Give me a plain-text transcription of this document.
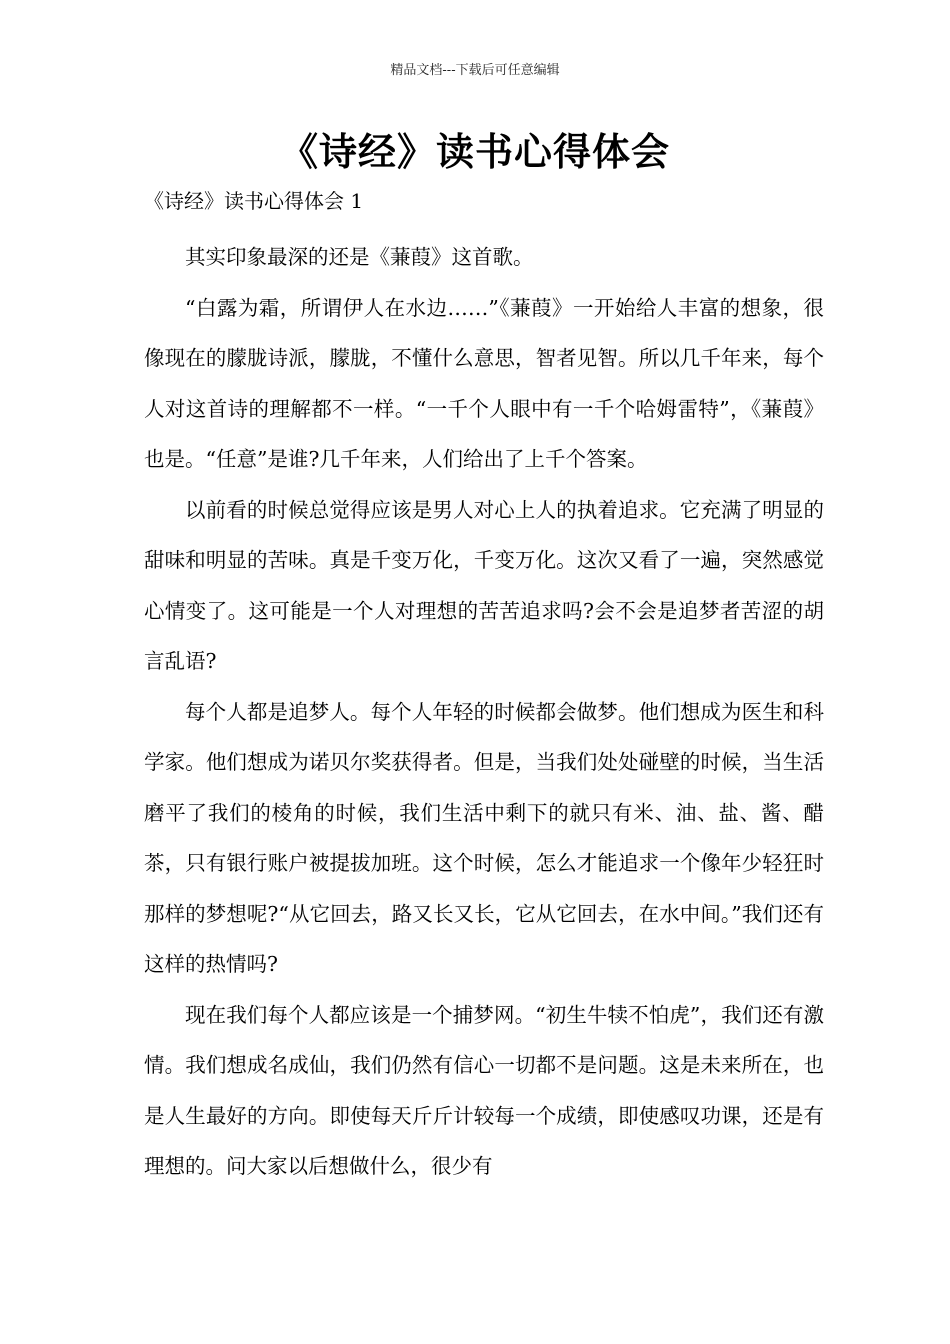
精品文档---下载后可任意编辑
《诗经》读书心得体会
《诗经》读书心得体会 1

其实印象最深的还是《蒹葭》这首歌。

“白露为霜，所谓伊人在水边……”《蒹葭》一开始给人丰富的想象，很像现在的朦胧诗派，朦胧，不懂什么意思，智者见智。所以几千年来，每个人对这首诗的理解都不一样。“一千个人眼中有一千个哈姆雷特”，《蒹葭》也是。“任意”是谁?几千年来，人们给出了上千个答案。

以前看的时候总觉得应该是男人对心上人的执着追求。它充满了明显的甜味和明显的苦味。真是千变万化，千变万化。这次又看了一遍，突然感觉心情变了。这可能是一个人对理想的苦苦追求吗?会不会是追梦者苦涩的胡言乱语?

每个人都是追梦人。每个人年轻的时候都会做梦。他们想成为医生和科学家。他们想成为诺贝尔奖获得者。但是，当我们处处碰壁的时候，当生活磨平了我们的棱角的时候，我们生活中剩下的就只有米、油、盐、酱、醋茶，只有银行账户被提拔加班。这个时候，怎么才能追求一个像年少轻狂时那样的梦想呢?“从它回去，路又长又长，它从它回去，在水中间。”我们还有这样的热情吗?

现在我们每个人都应该是一个捕梦网。“初生牛犊不怕虎”，我们还有激情。我们想成名成仙，我们仍然有信心一切都不是问题。这是未来所在，也是人生最好的方向。即使每天斤斤计较每一个成绩，即使感叹功课，还是有理想的。问大家以后想做什么，很少有
